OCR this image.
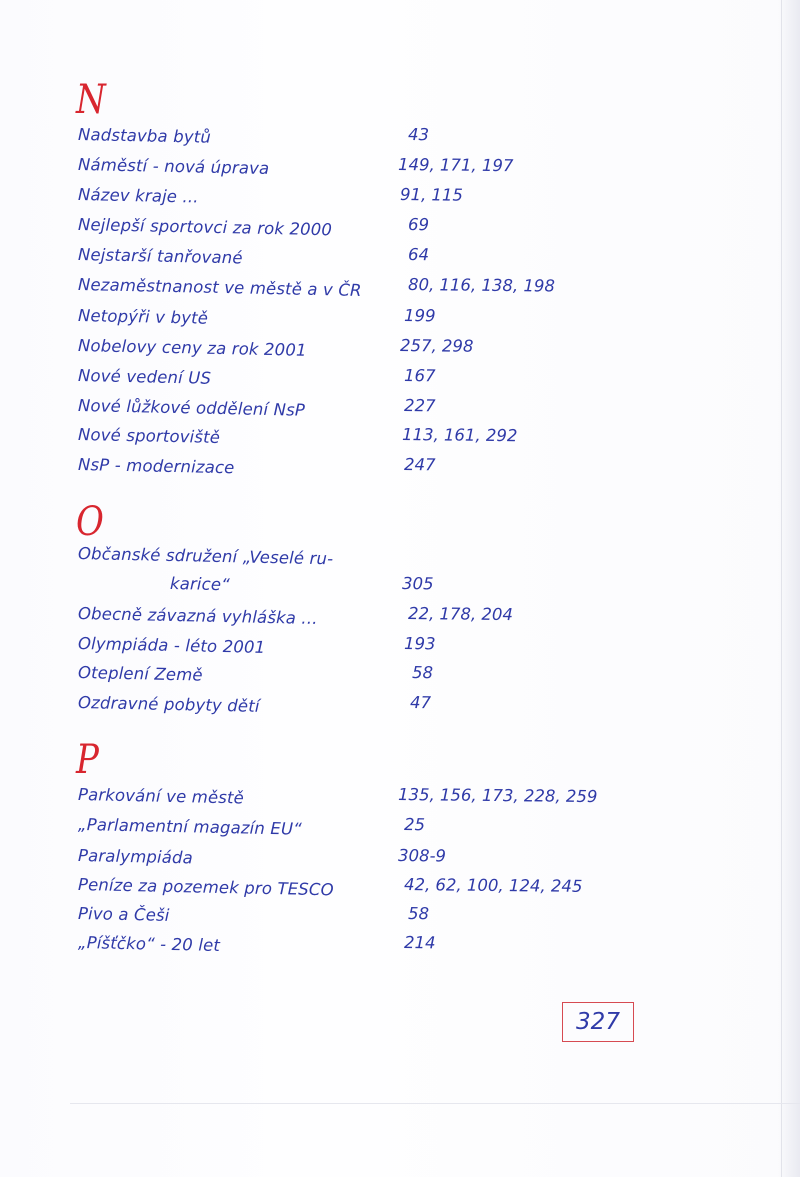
N
Nadstavba bytů	43
Náměstí - nová úprava	149, 171, 197
Název kraje ...	91, 115
Nejlepší sportovci za rok 2000	69
Nejstarší tanřované	64
Nezaměstnanost ve městě a v ČR	80, 116, 138, 198
Netopýři v bytě	199
Nobelovy ceny za rok 2001	257, 298
Nové vedení US	167
Nové lůžkové oddělení NsP	227
Nové sportoviště	113, 161, 292
NsP - modernizace	247
O
Občanské sdružení „Veselé ru-
karice“	305
Obecně závazná vyhláška ...	22, 178, 204
Olympiáda - léto 2001	193
Oteplení Země	58
Ozdravné pobyty dětí	47
P
Parkování ve městě	135, 156, 173, 228, 259
„Parlamentní magazín EU“	25
Paralympiáda	308-9
Peníze za pozemek pro TESCO	42, 62, 100, 124, 245
Pivo a Češi	58
„Píšťčko“ - 20 let	214
327
